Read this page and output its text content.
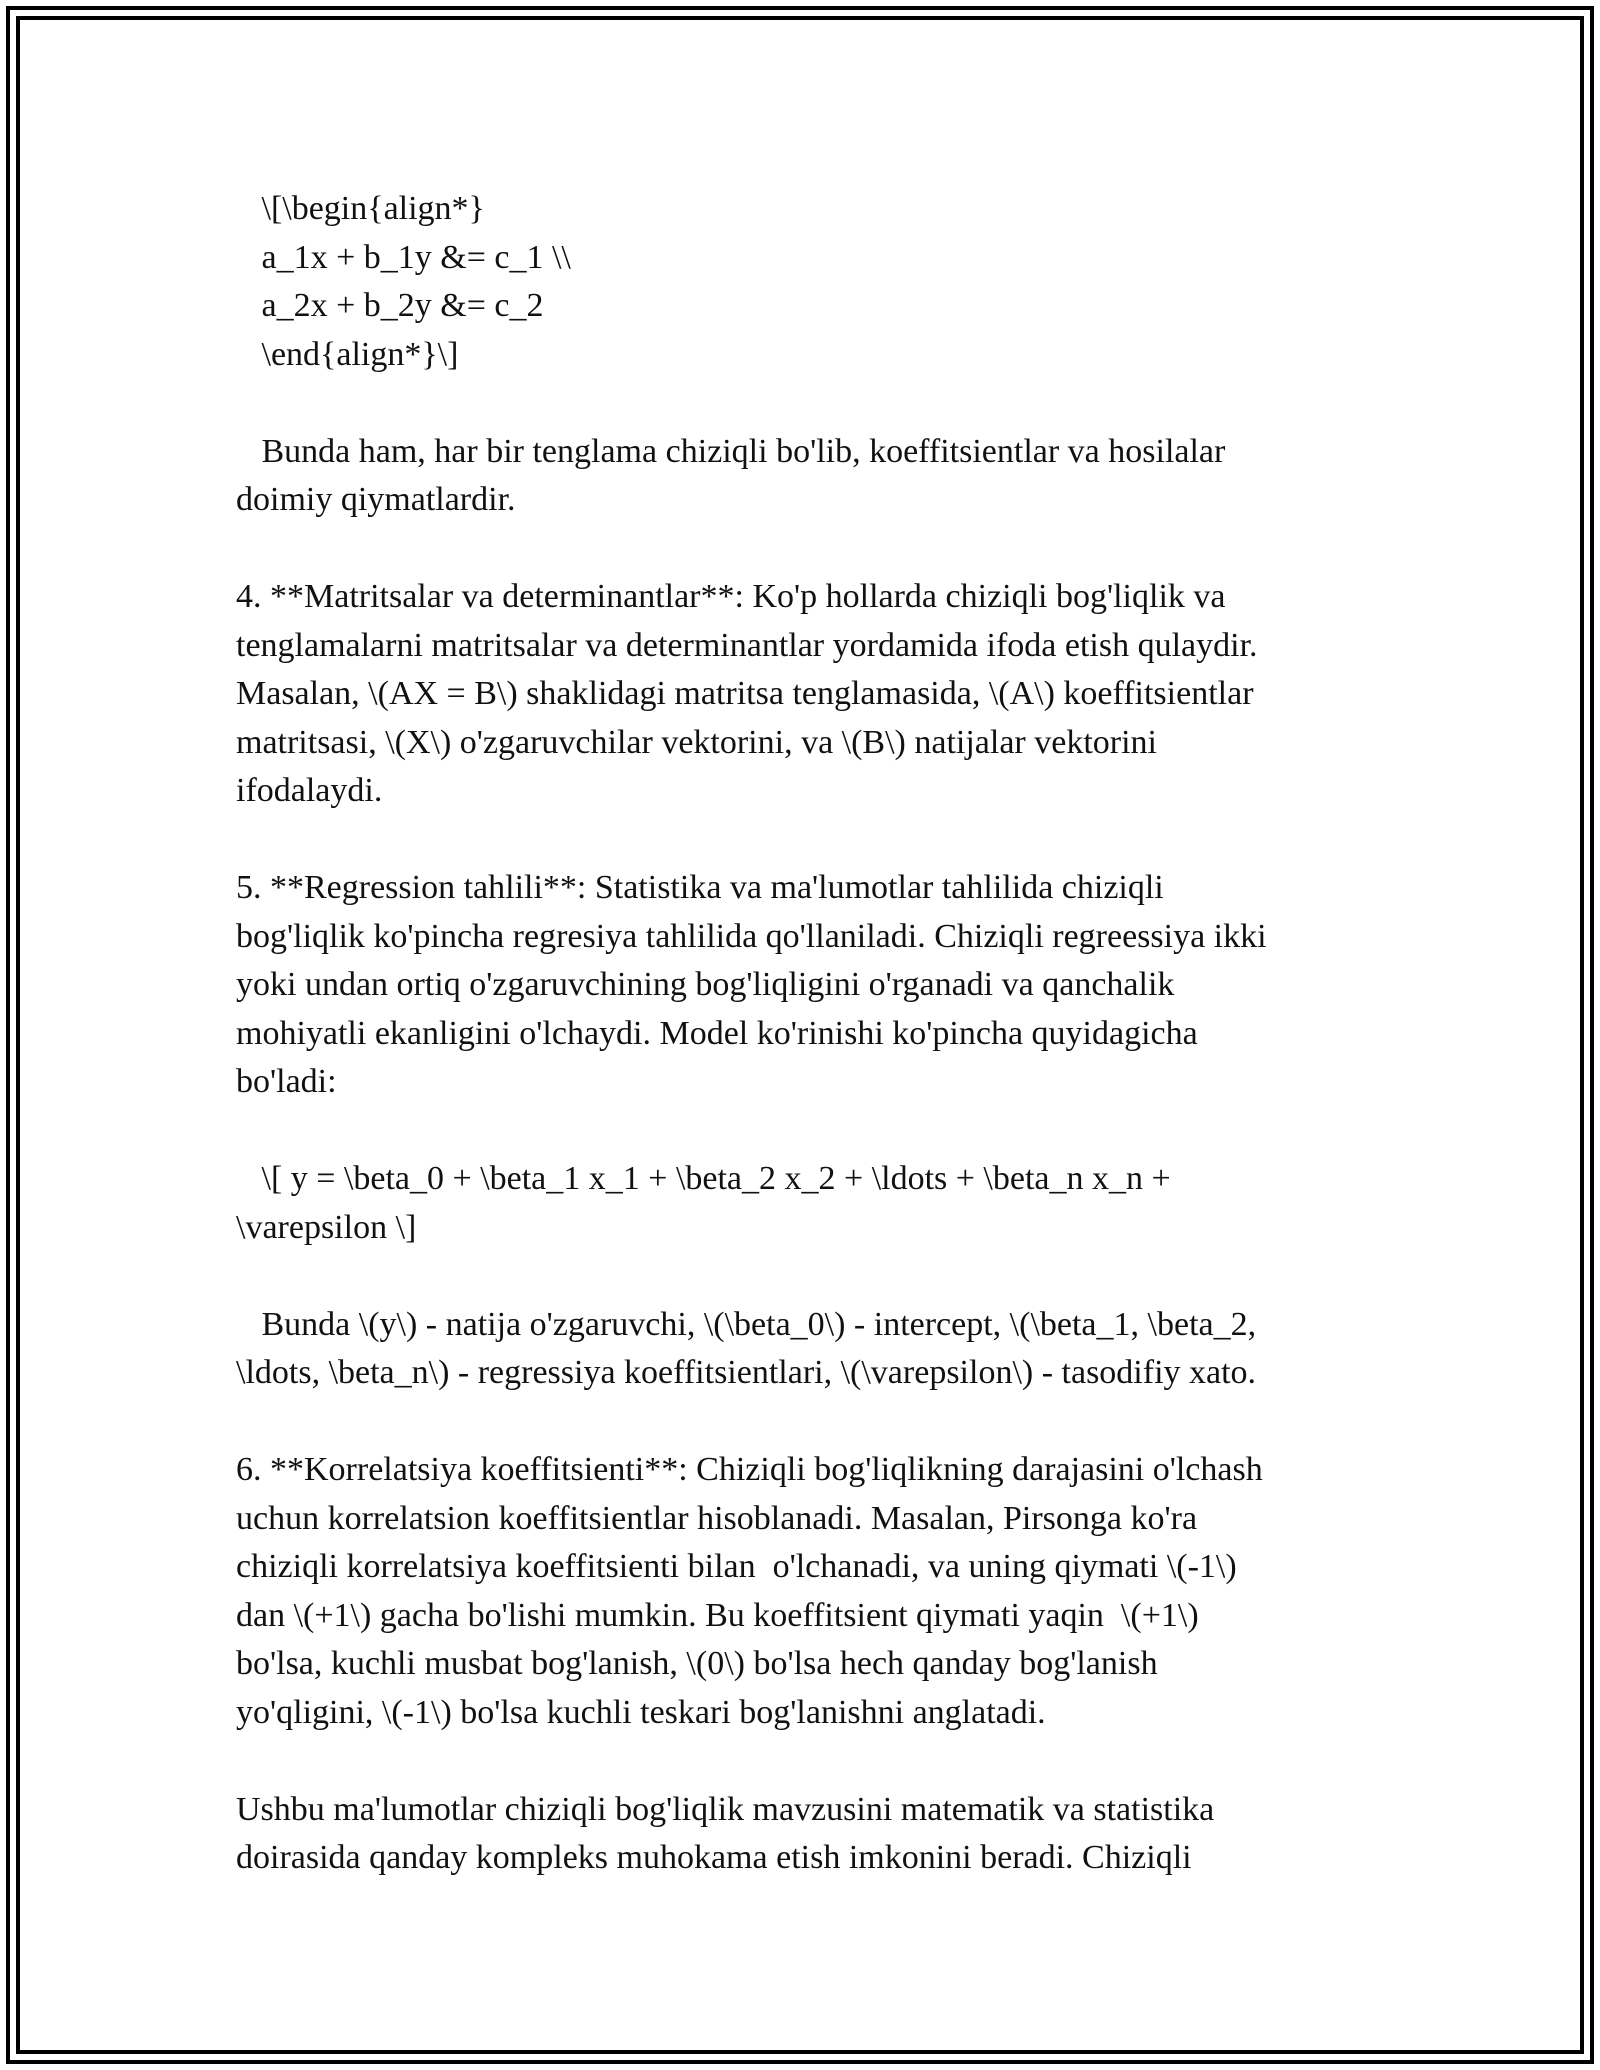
\[\begin{align*}
a_1x + b_1y &= c_1 \\
a_2x + b_2y &= c_2
\end{align*}\]
Bunda ham, har bir tenglama chiziqli bo'lib, koeffitsientlar va hosilalar
doimiy qiymatlardir.
4. **Matritsalar va determinantlar**: Ko'p hollarda chiziqli bog'liqlik va
tenglamalarni matritsalar va determinantlar yordamida ifoda etish qulaydir.
Masalan, \(AX = B\) shaklidagi matritsa tenglamasida, \(A\) koeffitsientlar
matritsasi, \(X\) o'zgaruvchilar vektorini, va \(B\) natijalar vektorini
ifodalaydi.
5. **Regression tahlili**: Statistika va ma'lumotlar tahlilida chiziqli
bog'liqlik ko'pincha regresiya tahlilida qo'llaniladi. Chiziqli regreessiya ikki
yoki undan ortiq o'zgaruvchining bog'liqligini o'rganadi va qanchalik
mohiyatli ekanligini o'lchaydi. Model ko'rinishi ko'pincha quyidagicha
bo'ladi:
\[ y = \beta_0 + \beta_1 x_1 + \beta_2 x_2 + \ldots + \beta_n x_n +
\varepsilon \]
Bunda \(y\) - natija o'zgaruvchi, \(\beta_0\) - intercept, \(\beta_1, \beta_2,
\ldots, \beta_n\) - regressiya koeffitsientlari, \(\varepsilon\) - tasodifiy xato.
6. **Korrelatsiya koeffitsienti**: Chiziqli bog'liqlikning darajasini o'lchash
uchun korrelatsion koeffitsientlar hisoblanadi. Masalan, Pirsonga ko'ra
chiziqli korrelatsiya koeffitsienti bilan  o'lchanadi, va uning qiymati \(-1\)
dan \(+1\) gacha bo'lishi mumkin. Bu koeffitsient qiymati yaqin  \(+1\)
bo'lsa, kuchli musbat bog'lanish, \(0\) bo'lsa hech qanday bog'lanish
yo'qligini, \(-1\) bo'lsa kuchli teskari bog'lanishni anglatadi.
Ushbu ma'lumotlar chiziqli bog'liqlik mavzusini matematik va statistika
doirasida qanday kompleks muhokama etish imkonini beradi. Chiziqli
